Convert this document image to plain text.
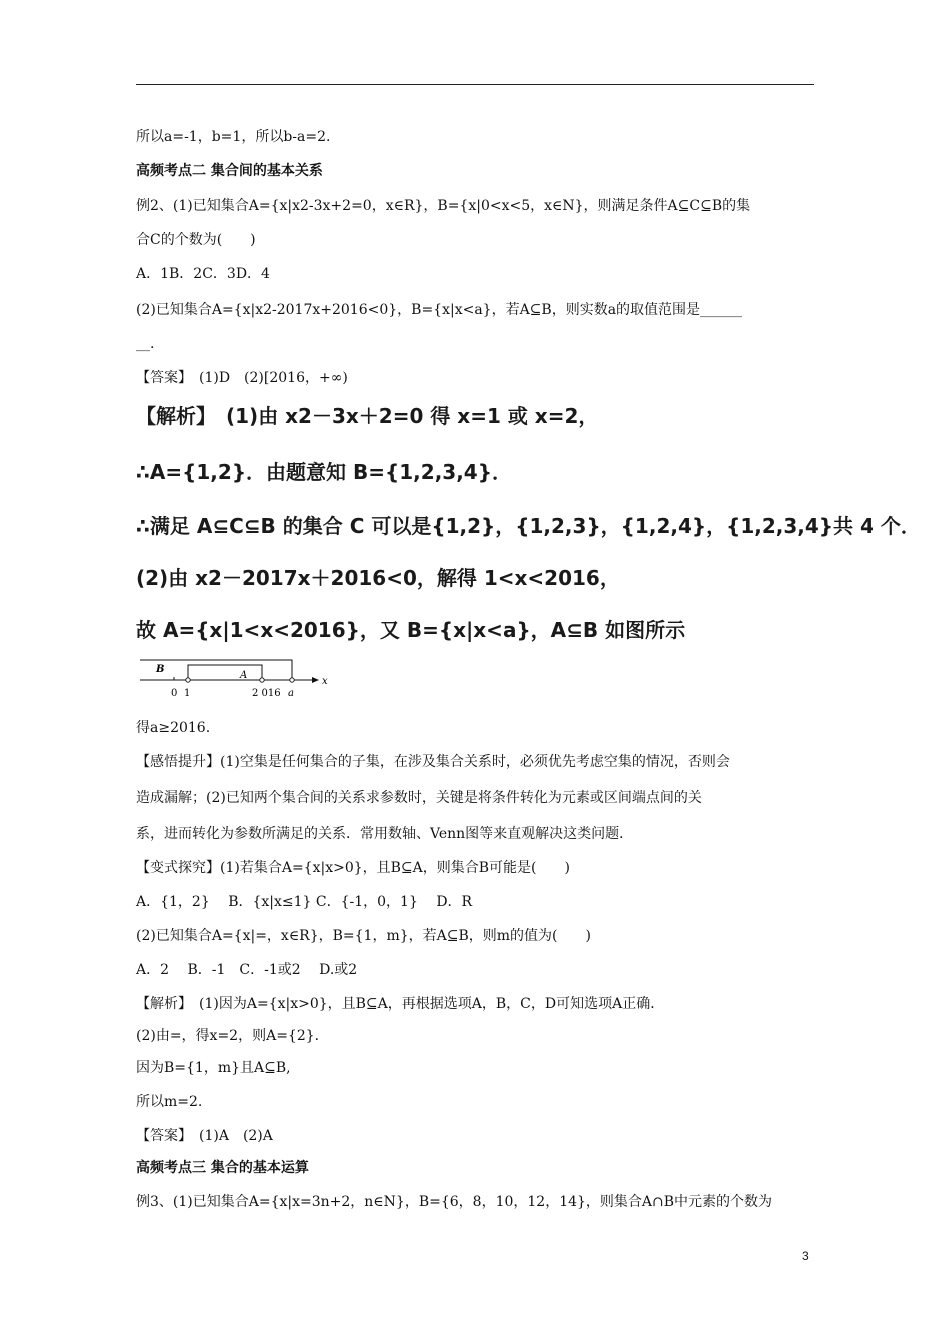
所以a=-1，b=1，所以b-a=2.
高频考点二 集合间的基本关系
例2、(1)已知集合A={x|x2-3x+2=0，x∈R}，B={x|0<x<5，x∈N}，则满足条件A⊆C⊆B的集
合C的个数为(　　)
A．1B．2C．3D．4
(2)已知集合A={x|x2-2017x+2016<0}，B={x|x<a}，若A⊆B，则实数a的取值范围是______
__.
【答案】　(1)D　(2)[2016，+∞)
【解析】　(1)由 x2－3x＋2=0 得 x=1 或 x=2，
∴A={1,2}．由题意知 B={1,2,3,4}．
∴满足 A⊆C⊆B 的集合 C 可以是{1,2}，{1,2,3}，{1,2,4}，{1,2,3,4}共 4 个．
(2)由 x2－2017x＋2016<0，解得 1<x<2016，
故 A={x|1<x<2016}，又 B={x|x<a}，A⊆B 如图所示
B
A
0 1	2 016 a
x
得a≥2016.
【感悟提升】(1)空集是任何集合的子集，在涉及集合关系时，必须优先考虑空集的情况，否则会
造成漏解；(2)已知两个集合间的关系求参数时，关键是将条件转化为元素或区间端点间的关
系，进而转化为参数所满足的关系．常用数轴、Venn图等来直观解决这类问题．
【变式探究】(1)若集合A={x|x>0}，且B⊆A，则集合B可能是(　　)
A．{1，2}　 B．{x|x≤1} C．{-1，0，1}　 D．R
(2)已知集合A={x|=，x∈R}，B={1，m}，若A⊆B，则m的值为(　　)
A．2　 B．-1　C．-1或2　 D.或2
【解析】　(1)因为A={x|x>0}，且B⊆A，再根据选项A，B，C，D可知选项A正确．
(2)由=，得x=2，则A={2}．
因为B={1，m}且A⊆B,
所以m=2.
【答案】　(1)A　(2)A
高频考点三 集合的基本运算
例3、(1)已知集合A={x|x=3n+2，n∈N}，B={6，8，10，12，14}，则集合A∩B中元素的个数为
3
